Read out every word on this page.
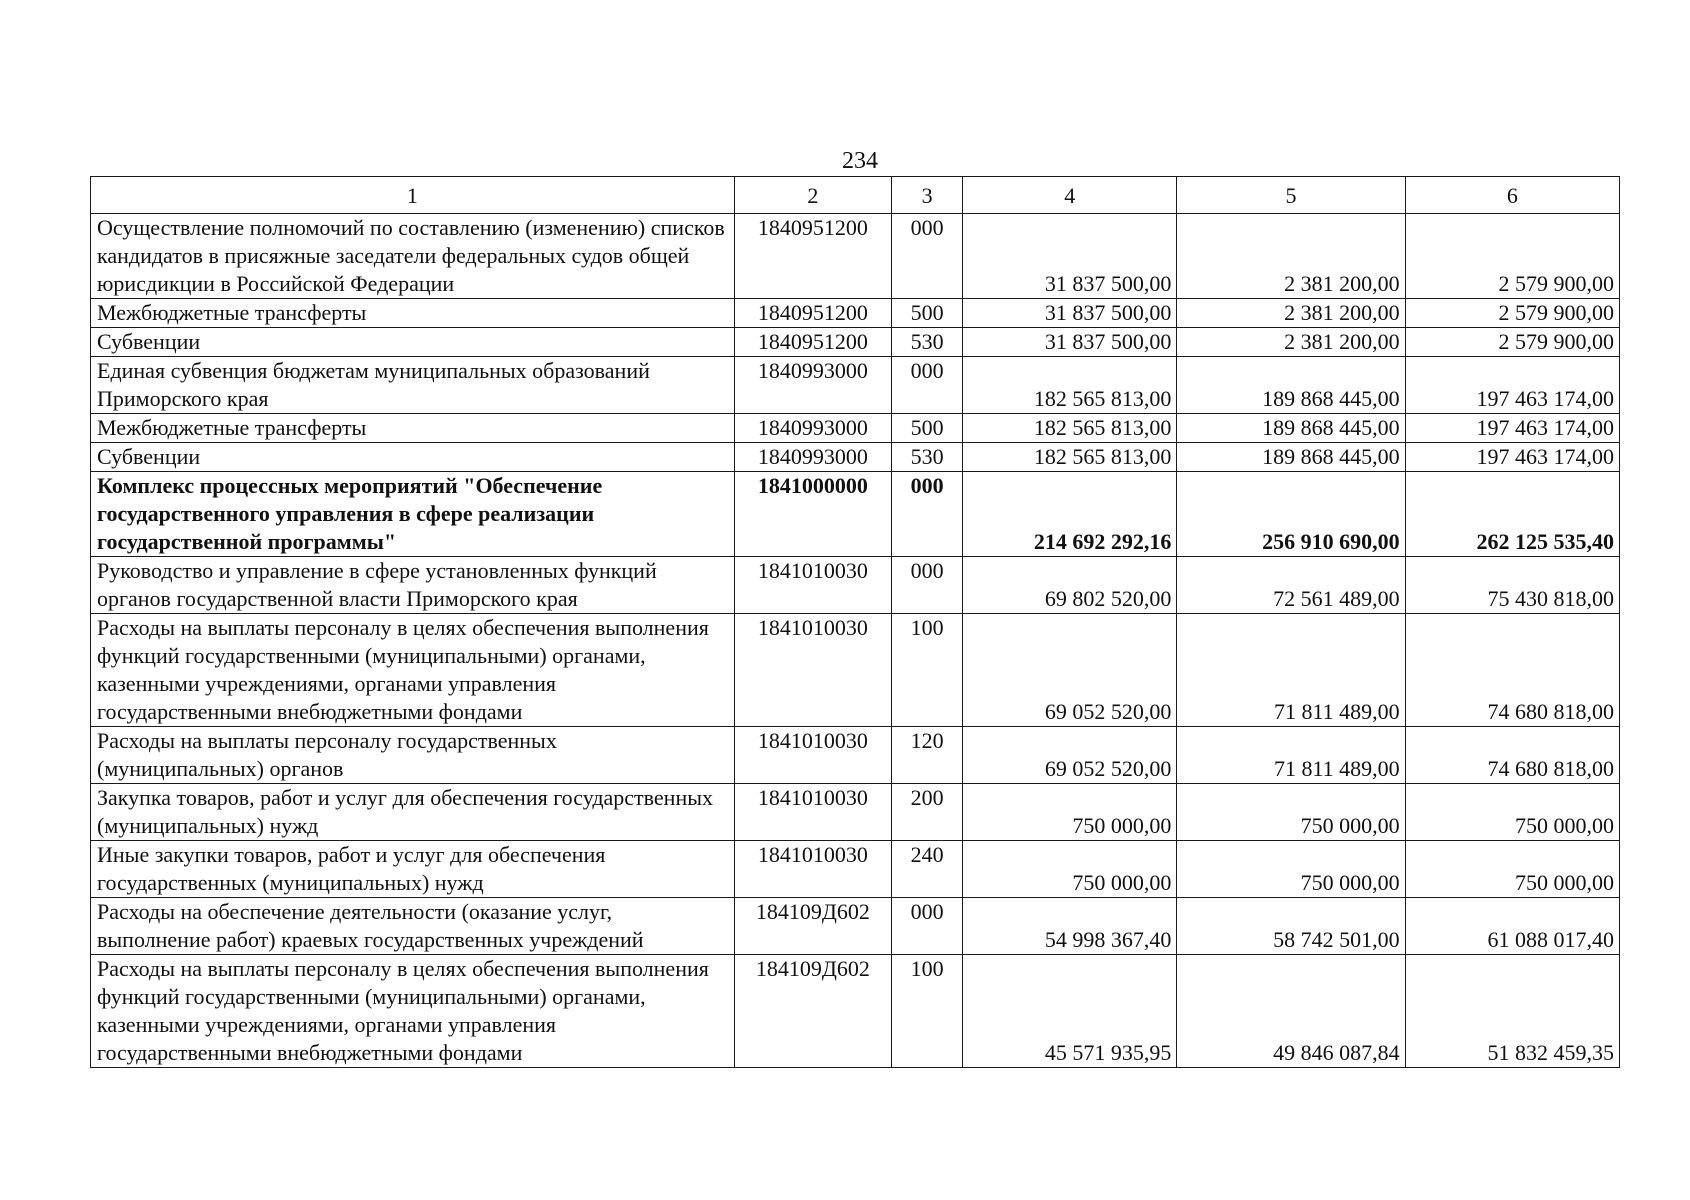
234
1	2	3	4	5	6
Осуществление полномочий по составлению (изменению) списков кандидатов в присяжные заседатели федеральных судов общей юрисдикции в Российской Федерации	1840951200	000	31 837 500,00	2 381 200,00	2 579 900,00
Межбюджетные трансферты	1840951200	500	31 837 500,00	2 381 200,00	2 579 900,00
Субвенции	1840951200	530	31 837 500,00	2 381 200,00	2 579 900,00
Единая субвенция бюджетам муниципальных образований Приморского края	1840993000	000	182 565 813,00	189 868 445,00	197 463 174,00
Межбюджетные трансферты	1840993000	500	182 565 813,00	189 868 445,00	197 463 174,00
Субвенции	1840993000	530	182 565 813,00	189 868 445,00	197 463 174,00
Комплекс процессных мероприятий "Обеспечение государственного управления в сфере реализации государственной программы"	1841000000	000	214 692 292,16	256 910 690,00	262 125 535,40
Руководство и управление в сфере установленных функций органов государственной власти Приморского края	1841010030	000	69 802 520,00	72 561 489,00	75 430 818,00
Расходы на выплаты персоналу в целях обеспечения выполнения функций государственными (муниципальными) органами, казенными учреждениями, органами управления государственными внебюджетными фондами	1841010030	100	69 052 520,00	71 811 489,00	74 680 818,00
Расходы на выплаты персоналу государственных (муниципальных) органов	1841010030	120	69 052 520,00	71 811 489,00	74 680 818,00
Закупка товаров, работ и услуг для обеспечения государственных (муниципальных) нужд	1841010030	200	750 000,00	750 000,00	750 000,00
Иные закупки товаров, работ и услуг для обеспечения государственных (муниципальных) нужд	1841010030	240	750 000,00	750 000,00	750 000,00
Расходы на обеспечение деятельности (оказание услуг, выполнение работ) краевых государственных учреждений	184109Д602	000	54 998 367,40	58 742 501,00	61 088 017,40
Расходы на выплаты персоналу в целях обеспечения выполнения функций государственными (муниципальными) органами, казенными учреждениями, органами управления государственными внебюджетными фондами	184109Д602	100	45 571 935,95	49 846 087,84	51 832 459,35
